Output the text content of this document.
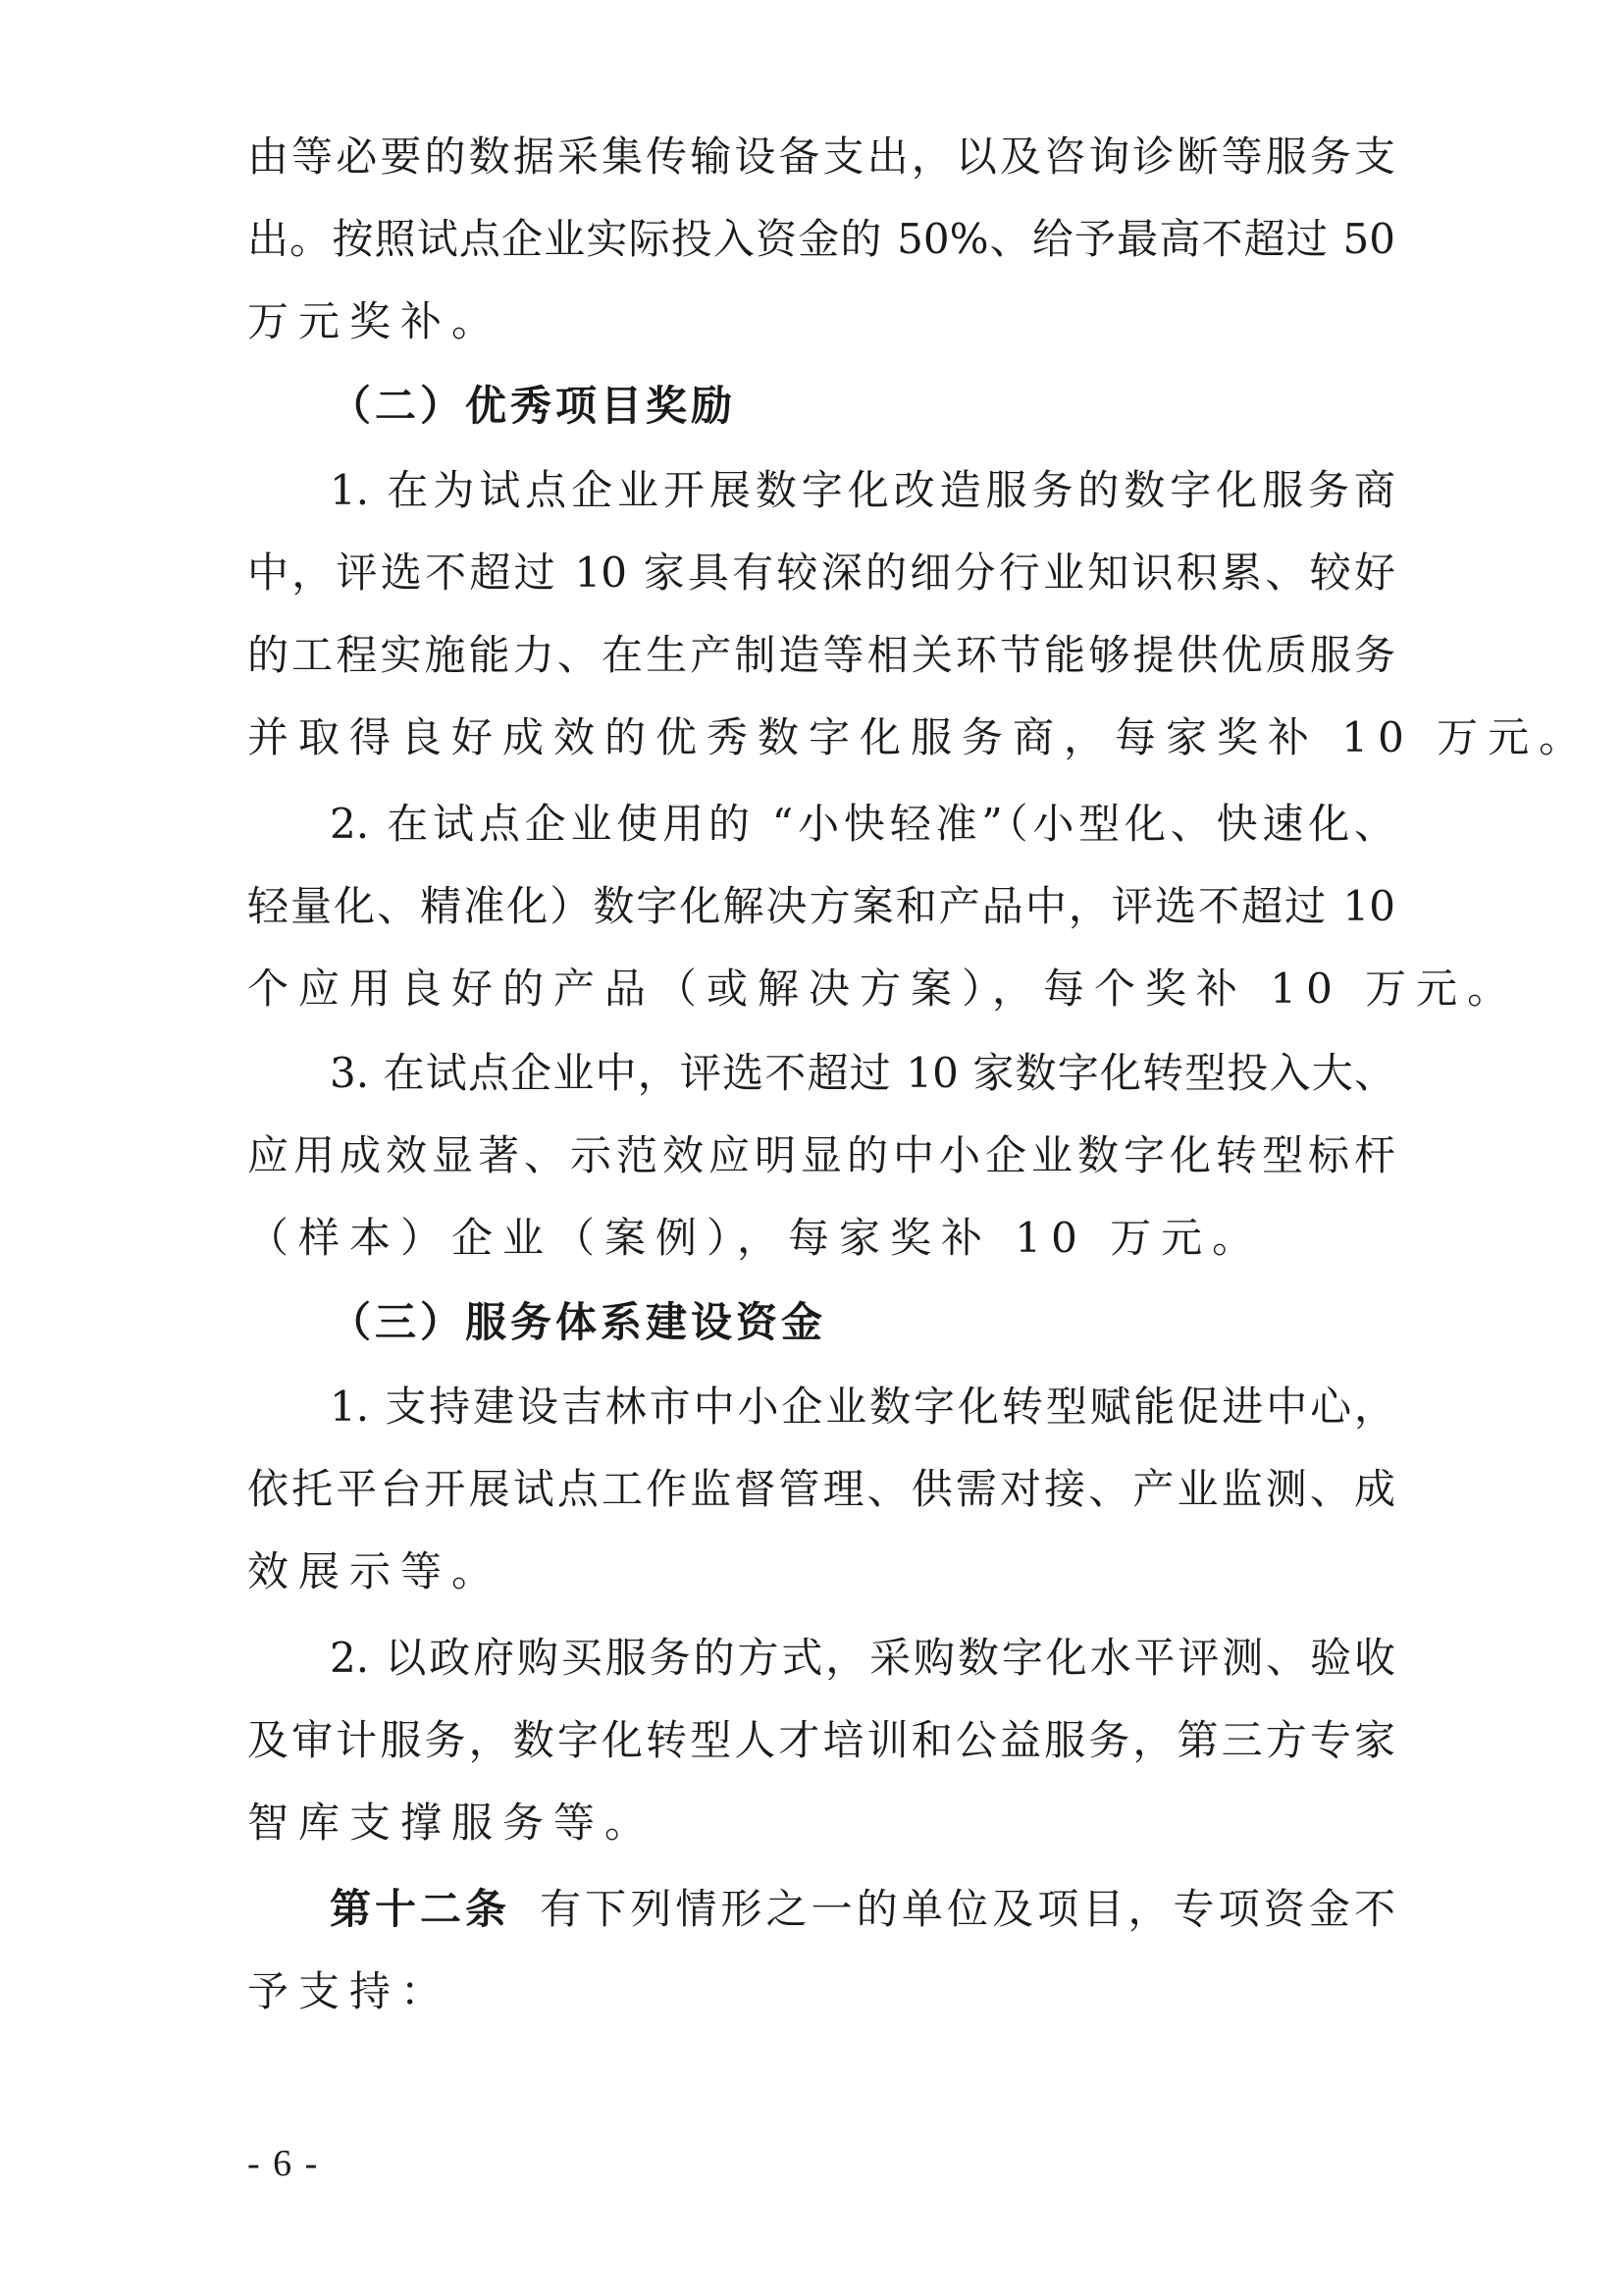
由等必要的数据采集传输设备支出，以及咨询诊断等服务支
出。按照试点企业实际投入资金的 50%、给予最高不超过 50
万元奖补。
（二）优秀项目奖励
1. 在为试点企业开展数字化改造服务的数字化服务商
中，评选不超过 10 家具有较深的细分行业知识积累、较好
的工程实施能力、在生产制造等相关环节能够提供优质服务
并取得良好成效的优秀数字化服务商，每家奖补 10 万元。
2. 在试点企业使用的 “小快轻准”（小型化、快速化、
轻量化、精准化）数字化解决方案和产品中，评选不超过 10
个应用良好的产品（或解决方案），每个奖补 10 万元。
3. 在试点企业中，评选不超过 10 家数字化转型投入大、
应用成效显著、示范效应明显的中小企业数字化转型标杆
（样本）企业（案例），每家奖补 10 万元。
（三）服务体系建设资金
1. 支持建设吉林市中小企业数字化转型赋能促进中心，
依托平台开展试点工作监督管理、供需对接、产业监测、成
效展示等。
2. 以政府购买服务的方式，采购数字化水平评测、验收
及审计服务，数字化转型人才培训和公益服务，第三方专家
智库支撑服务等。
第十二条 有下列情形之一的单位及项目，专项资金不
予支持：
- 6 -
